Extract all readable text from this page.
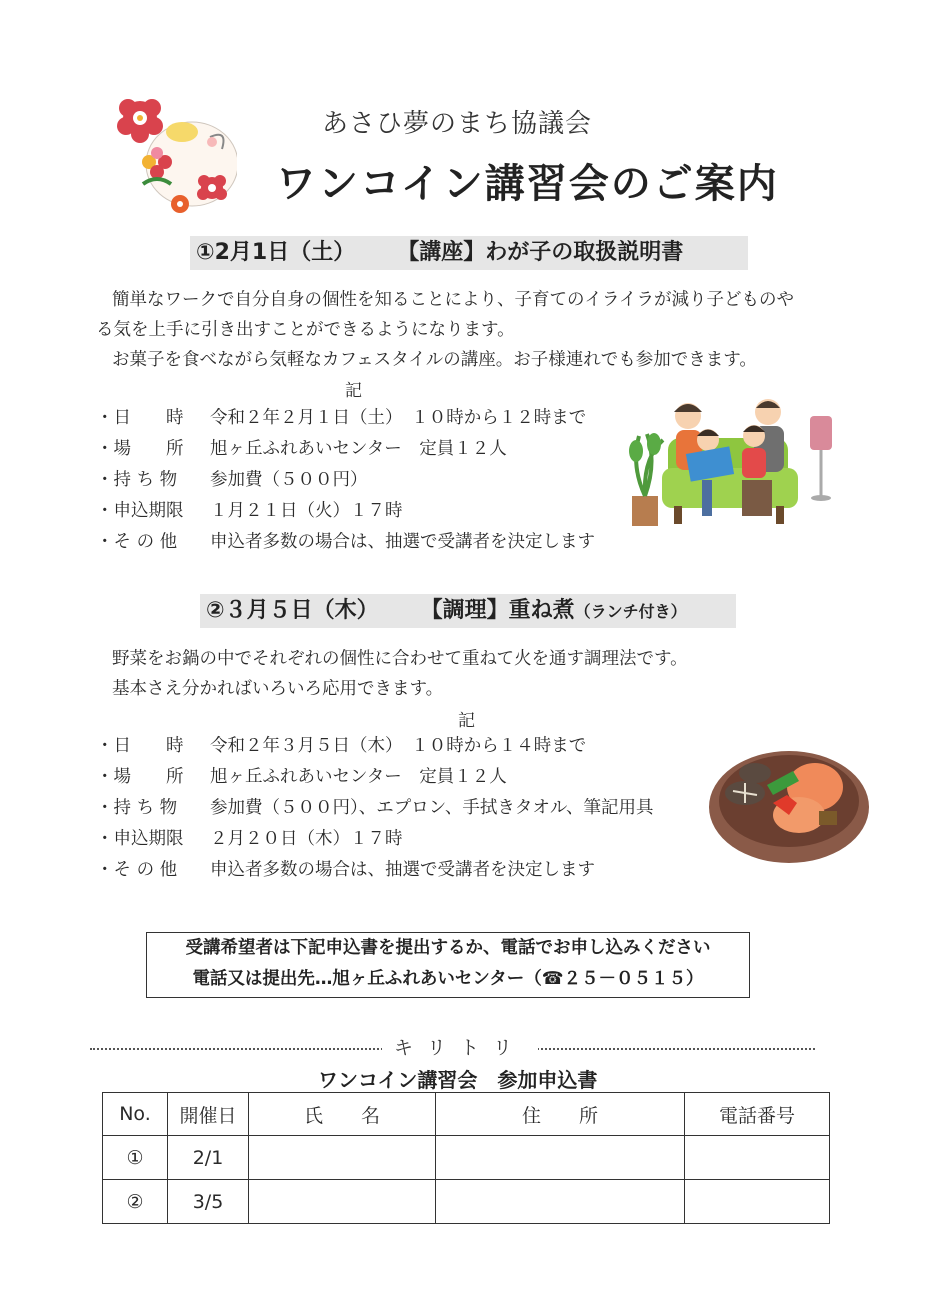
あさひ夢のまち協議会
ワンコイン講習会のご案内
①2月1日（土） 【講座】わが子の取扱説明書
簡単なワークで自分自身の個性を知ることにより、子育てのイライラが減り子どものや
る気を上手に引き出すことができるようになります。
お菓子を食べながら気軽なカフェスタイルの講座。お子様連れでも参加できます。
記
・日　　時 令和２年２月１日（土）　１０時から１２時まで
・場　　所 旭ヶ丘ふれあいセンター　定員１２人
・持 ち 物 参加費（５００円）
・申込期限 １月２１日（火）１７時
・そ の 他 申込者多数の場合は、抽選で受講者を決定します
②３月５日（木） 【調理】重ね煮（ランチ付き）
野菜をお鍋の中でそれぞれの個性に合わせて重ねて火を通す調理法です。
基本さえ分かればいろいろ応用できます。
記
・日　　時 令和２年３月５日（木）　１０時から１４時まで
・場　　所 旭ヶ丘ふれあいセンター　定員１２人
・持 ち 物 参加費（５００円）、エプロン、手拭きタオル、筆記用具
・申込期限 ２月２０日（木）１７時
・そ の 他 申込者多数の場合は、抽選で受講者を決定します
受講希望者は下記申込書を提出するか、電話でお申し込みください
電話又は提出先…旭ヶ丘ふれあいセンター（☎２５－０５１５）
キリトリ
ワンコイン講習会　参加申込書
No.	開催日	氏　　名	住　　所	電話番号
①	2/1			
②	3/5			
